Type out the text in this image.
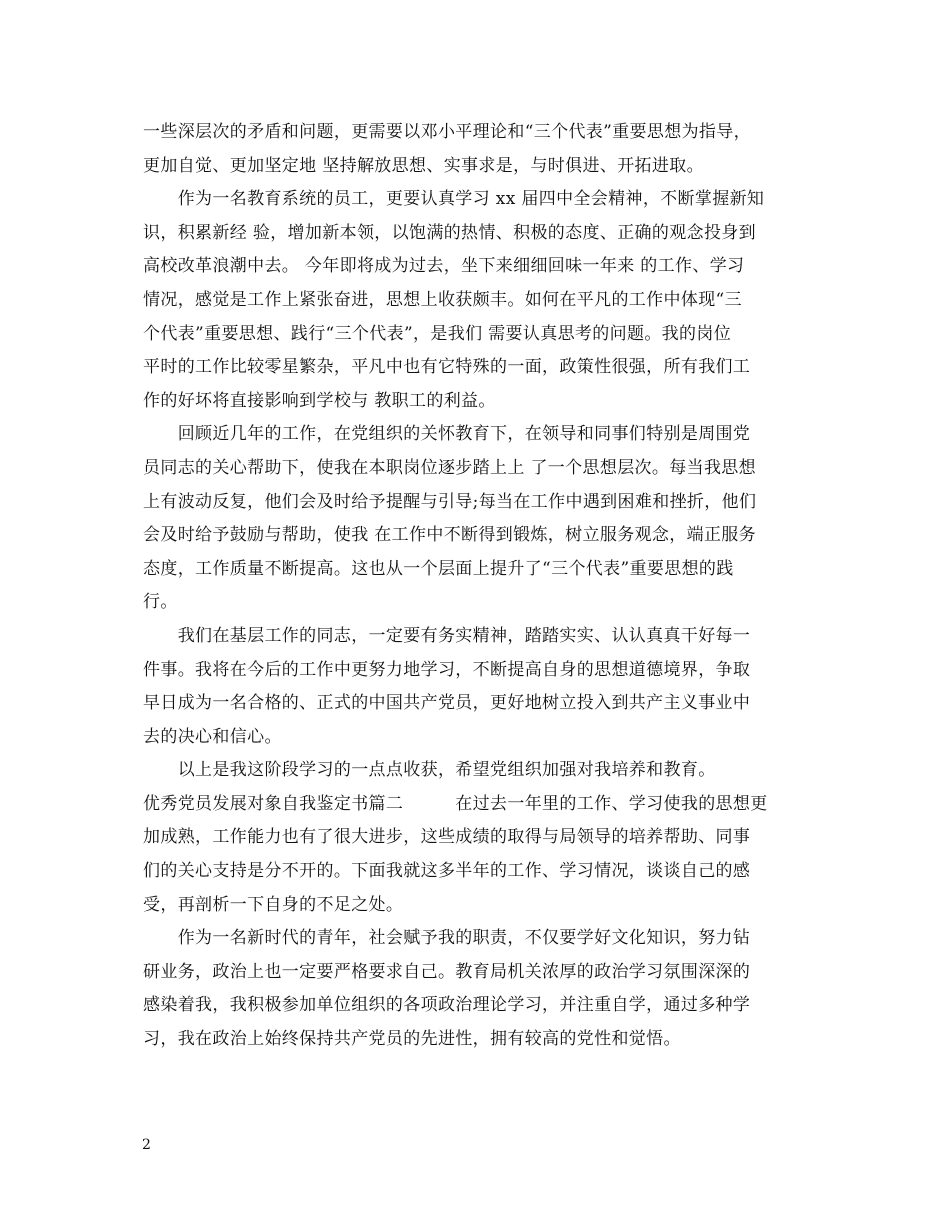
一些深层次的矛盾和问题，更需要以邓小平理论和“三个代表”重要思想为指导，
更加自觉、更加坚定地 坚持解放思想、实事求是，与时俱进、开拓进取。
　　作为一名教育系统的员工，更要认真学习 xx 届四中全会精神，不断掌握新知
识，积累新经 验，增加新本领，以饱满的热情、积极的态度、正确的观念投身到
高校改革浪潮中去。 今年即将成为过去，坐下来细细回味一年来 的工作、学习
情况，感觉是工作上紧张奋进，思想上收获颇丰。如何在平凡的工作中体现“三
个代表”重要思想、践行“三个代表”，是我们 需要认真思考的问题。我的岗位
平时的工作比较零星繁杂，平凡中也有它特殊的一面，政策性很强，所有我们工
作的好坏将直接影响到学校与 教职工的利益。
　　回顾近几年的工作，在党组织的关怀教育下，在领导和同事们特别是周围党
员同志的关心帮助下，使我在本职岗位逐步踏上上 了一个思想层次。每当我思想
上有波动反复，他们会及时给予提醒与引导;每当在工作中遇到困难和挫折，他们
会及时给予鼓励与帮助，使我 在工作中不断得到锻炼，树立服务观念，端正服务
态度，工作质量不断提高。这也从一个层面上提升了“三个代表”重要思想的践
行。
　　我们在基层工作的同志，一定要有务实精神，踏踏实实、认认真真干好每一
件事。我将在今后的工作中更努力地学习，不断提高自身的思想道德境界，争取
早日成为一名合格的、正式的中国共产党员，更好地树立投入到共产主义事业中
去的决心和信心。
　　以上是我这阶段学习的一点点收获，希望党组织加强对我培养和教育。
优秀党员发展对象自我鉴定书篇二　　　在过去一年里的工作、学习使我的思想更
加成熟，工作能力也有了很大进步，这些成绩的取得与局领导的培养帮助、同事
们的关心支持是分不开的。下面我就这多半年的工作、学习情况，谈谈自己的感
受，再剖析一下自身的不足之处。
　　作为一名新时代的青年，社会赋予我的职责，不仅要学好文化知识，努力钻
研业务，政治上也一定要严格要求自己。教育局机关浓厚的政治学习氛围深深的
感染着我，我积极参加单位组织的各项政治理论学习，并注重自学，通过多种学
习，我在政治上始终保持共产党员的先进性，拥有较高的党性和觉悟。
2
